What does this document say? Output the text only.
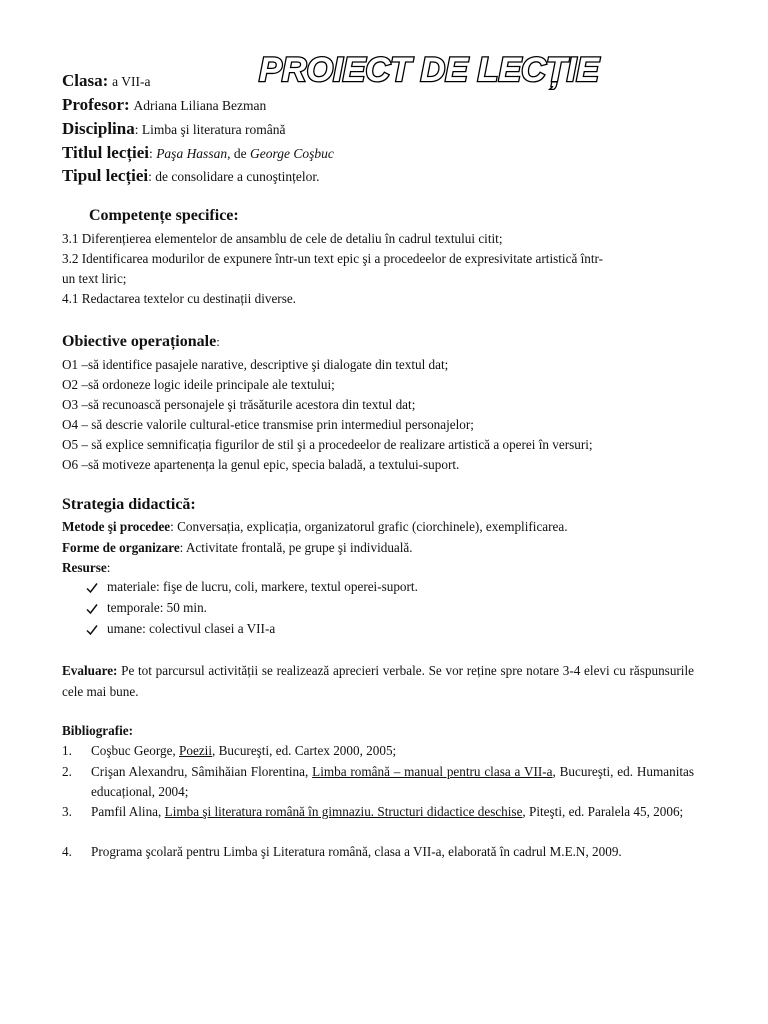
PROIECT DE LECȚIE
Clasa: a VII-a
Profesor: Adriana Liliana Bezman
Disciplina: Limba şi literatura română
Titlul lecției: Paşa Hassan, de George Coşbuc
Tipul lecției: de consolidare a cunoştințelor.
Competențe specifice:
3.1 Diferențierea elementelor de ansamblu de cele de detaliu în cadrul textului citit;
3.2 Identificarea modurilor de expunere într-un text epic şi a procedeelor de expresivitate artistică într-
un text liric;
4.1 Redactarea textelor cu destinații diverse.
Obiective operaționale:
O1 –să identifice pasajele narative, descriptive şi dialogate din textul dat;
O2 –să ordoneze logic ideile principale ale textului;
O3 –să recunoască personajele şi trăsăturile acestora din textul dat;
O4 – să descrie valorile cultural-etice transmise prin intermediul personajelor;
O5 – să explice semnificația figurilor de stil şi a procedeelor de realizare artistică a operei în versuri;
O6 –să motiveze apartenența la genul epic, specia baladă, a textului-suport.
Strategia didactică:
Metode şi procedee: Conversația, explicația, organizatorul grafic (ciorchinele), exemplificarea.
Forme de organizare: Activitate frontală, pe grupe şi individuală.
Resurse:
materiale: fişe de lucru, coli, markere, textul operei-suport.
temporale: 50 min.
umane: colectivul clasei a VII-a
Evaluare: Pe tot parcursul activității se realizează aprecieri verbale. Se vor reține spre notare 3-4 elevi cu răspunsurile cele mai bune.
Bibliografie:
1. Coşbuc George, Poezii, Bucureşti, ed. Cartex 2000, 2005;
2. Crişan Alexandru, Sâmihăian Florentina, Limba română – manual pentru clasa a VII-a, Bucureşti, ed. Humanitas educațional, 2004;
3. Pamfil Alina, Limba şi literatura română în gimnaziu. Structuri didactice deschise, Piteşti, ed. Paralela 45, 2006;
4. Programa şcolară pentru Limba şi Literatura română, clasa a VII-a, elaborată în cadrul M.E.N, 2009.
